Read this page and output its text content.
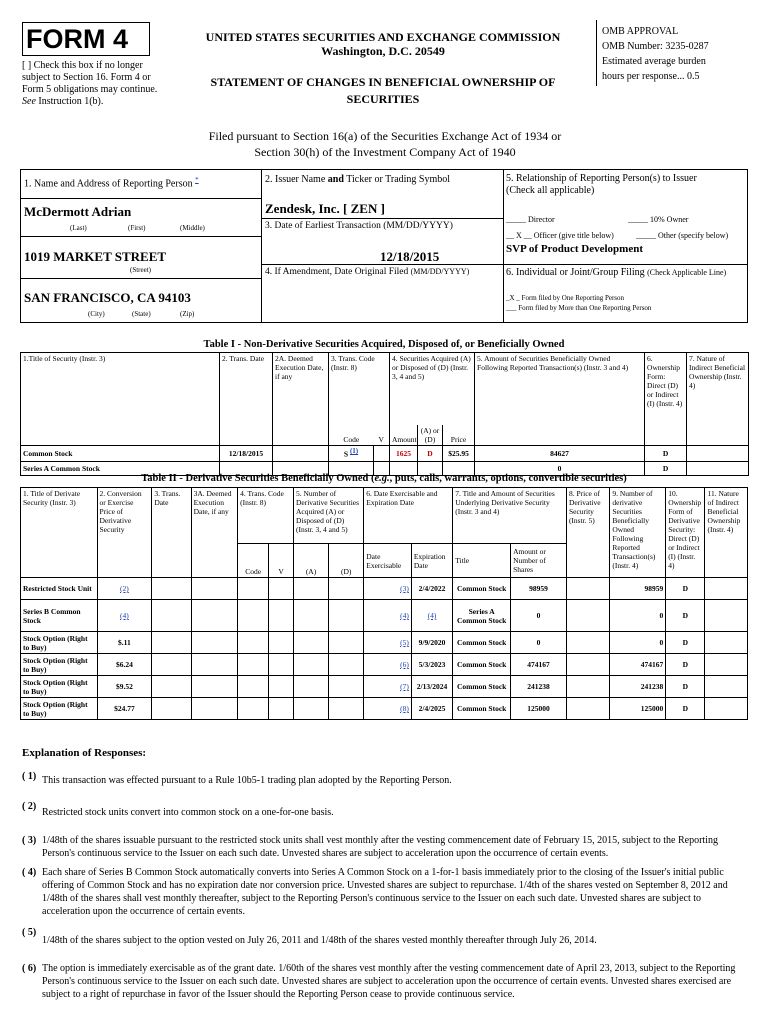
FORM 4
[ ] Check this box if no longer subject to Section 16. Form 4 or Form 5 obligations may continue. See Instruction 1(b).
UNITED STATES SECURITIES AND EXCHANGE COMMISSION
Washington, D.C. 20549
STATEMENT OF CHANGES IN BENEFICIAL OWNERSHIP OF SECURITIES
OMB APPROVAL
OMB Number: 3235-0287
Estimated average burden
hours per response... 0.5
Filed pursuant to Section 16(a) of the Securities Exchange Act of 1934 or
Section 30(h) of the Investment Company Act of 1940
1. Name and Address of Reporting Person *
McDermott Adrian
(Last)	(First)	(Middle)
1019 MARKET STREET
(Street)
SAN FRANCISCO, CA 94103
(City)	(State)	(Zip)
2. Issuer Name and Ticker or Trading Symbol
Zendesk, Inc. [ ZEN ]
3. Date of Earliest Transaction (MM/DD/YYYY)
12/18/2015
4. If Amendment, Date Original Filed (MM/DD/YYYY)
5. Relationship of Reporting Person(s) to Issuer
(Check all applicable)
_____ Director	_____ 10% Owner
__ X __ Officer (give title below)	_____ Other (specify below)
SVP of Product Development
6. Individual or Joint/Group Filing (Check Applicable Line)
_X _ Form filed by One Reporting Person
___ Form filed by More than One Reporting Person
Table I - Non-Derivative Securities Acquired, Disposed of, or Beneficially Owned
1.Title of Security (Instr. 3)	2. Trans. Date	2A. Deemed Execution Date, if any	3. Trans. Code (Instr. 8)		4. Securities Acquired (A) or Disposed of (D) (Instr. 3, 4 and 5)			5. Amount of Securities Beneficially Owned Following Reported Transaction(s) (Instr. 3 and 4)	6. Ownership Form: Direct (D) or Indirect (I) (Instr. 4)	7. Nature of Indirect Beneficial Ownership (Instr. 4)
			Code	V	Amount	(A) or (D)	Price			
Common Stock	12/18/2015		S $^{(1)}$		1625	D	$25.95	84627	D	
Series A Common Stock								0	D	
Table II - Derivative Securities Beneficially Owned (e.g., puts, calls, warrants, options, convertible securities)
1. Title of Derivate Security (Instr. 3)	2. Conversion or Exercise Price of Derivative Security	3. Trans. Date	3A. Deemed Execution Date, if any	4. Trans. Code (Instr. 8)		5. Number of Derivative Securities Acquired (A) or Disposed of (D) (Instr. 3, 4 and 5)		6. Date Exercisable and Expiration Date		7. Title and Amount of Securities Underlying Derivative Security (Instr. 3 and 4)		8. Price of Derivative Security (Instr. 5)	9. Number of derivative Securities Beneficially Owned Following Reported Transaction(s) (Instr. 4)	10. Ownership Form of Derivative Security: Direct (D) or Indirect (I) (Instr. 4)	11. Nature of Indirect Beneficial Ownership (Instr. 4)
				Code	V	(A)	(D)	Date Exercisable	Expiration Date	Title	Amount or Number of Shares				
Restricted Stock Unit	(2)							(3)	2/4/2022	Common Stock	98959		98959	D	
Series B Common Stock	(4)							(4)	(4)	Series A Common Stock	0		0	D	
Stock Option (Right to Buy)	$.11							(5)	9/9/2020	Common Stock	0		0	D	
Stock Option (Right to Buy)	$6.24							(6)	5/3/2023	Common Stock	474167		474167	D	
Stock Option (Right to Buy)	$9.52							(7)	2/13/2024	Common Stock	241238		241238	D	
Stock Option (Right to Buy)	$24.77							(8)	2/4/2025	Common Stock	125000		125000	D	
Explanation of Responses:
( 1) This transaction was effected pursuant to a Rule 10b5-1 trading plan adopted by the Reporting Person.
( 2)
Restricted stock units convert into common stock on a one-for-one basis.
( 3) 1/48th of the shares issuable pursuant to the restricted stock units shall vest monthly after the vesting commencement date of February 15, 2015, subject to the Reporting Person's continuous service to the Issuer on each such date. Unvested shares are subject to acceleration upon the occurrence of certain events.
( 4) Each share of Series B Common Stock automatically converts into Series A Common Stock on a 1-for-1 basis immediately prior to the closing of the Issuer's initial public offering of Common Stock and has no expiration date nor conversion price. Unvested shares are subject to repurchase. 1/4th of the shares vested on September 8, 2012 and 1/48th of the shares shall vest monthly thereafter, subject to the Reporting Person's continuous service to the Issuer on each such date. Unvested shares are subject to acceleration upon the occurrence of certain events.
( 5)
1/48th of the shares subject to the option vested on July 26, 2011 and 1/48th of the shares vested monthly thereafter through July 26, 2014.
( 6) The option is immediately exercisable as of the grant date. 1/60th of the shares vest monthly after the vesting commencement date of April 23, 2013, subject to the Reporting Person's continuous service to the Issuer on each such date. Unvested shares are subject to acceleration upon the occurrence of certain events. Unvested shares exercised are subject to a right of repurchase in favor of the Issuer should the Reporting Person cease to provide continuous service.
